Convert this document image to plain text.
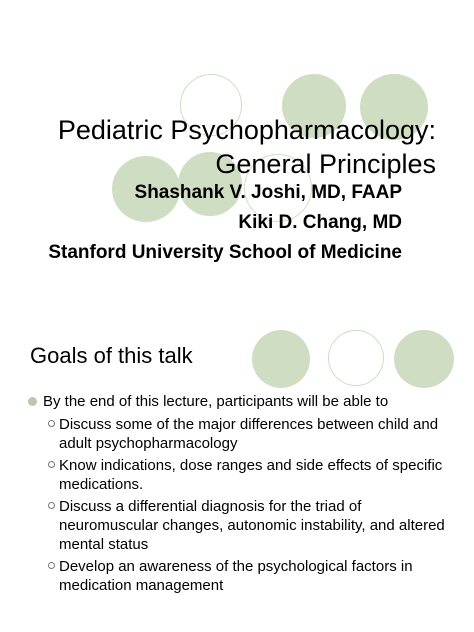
Pediatric Psychopharmacology:
General Principles
Shashank V. Joshi, MD, FAAP
Kiki D. Chang, MD
Stanford University School of Medicine
Goals of this talk
By the end of this lecture, participants will be able to
Discuss some of the major differences between child and adult psychopharmacology
Know indications, dose ranges and side effects of specific medications.
Discuss a differential diagnosis for the triad of neuromuscular changes, autonomic instability, and altered mental status
Develop an awareness of the psychological factors in medication management
